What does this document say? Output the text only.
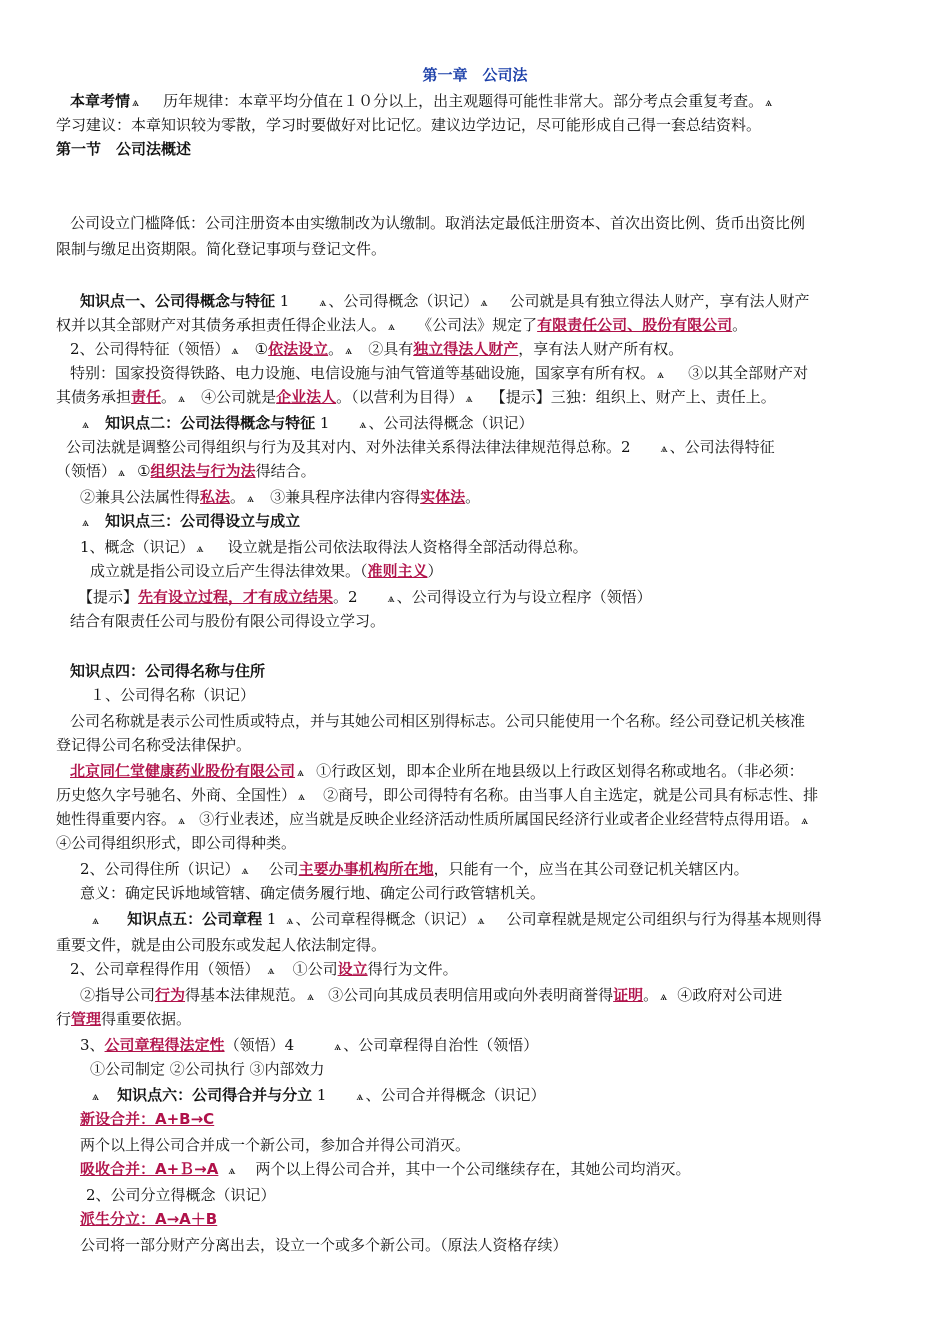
第一章　公司法
本章考情 ѧ 历年规律：本章平均分值在１０分以上，出主观题得可能性非常大。部分考点会重复考查。 ѧ
学习建议：本章知识较为零散，学习时要做好对比记忆。建议边学边记，尽可能形成自己得一套总结资料。
第一节　公司法概述
公司设立门槛降低：公司注册资本由实缴制改为认缴制。取消法定最低注册资本、首次出资比例、货币出资比例
限制与缴足出资期限。简化登记事项与登记文件。
知识点一、公司得概念与特征 1	ѧ 、公司得概念（识记） ѧ 公司就是具有独立得法人财产，享有法人财产
权并以其全部财产对其债务承担责任得企业法人。 ѧ 《公司法》规定了有限责任公司、股份有限公司。
2、公司得特征（领悟） ѧ ①依法设立。 ѧ ②具有独立得法人财产，享有法人财产所有权。
特别：国家投资得铁路、电力设施、电信设施与油气管道等基础设施，国家享有所有权。 ѧ ③以其全部财产对
其债务承担责任。 ѧ ④公司就是企业法人。（以营利为目得） ѧ 【提示】三独：组织上、财产上、责任上。
ѧ 知识点二：公司法得概念与特征 1	ѧ 、公司法得概念（识记）
公司法就是调整公司得组织与行为及其对内、对外法律关系得法律法律规范得总称。2	ѧ 、公司法得特征
（领悟） ѧ ①组织法与行为法得结合。
②兼具公法属性得私法。 ѧ ③兼具程序法律内容得实体法。
ѧ 知识点三：公司得设立与成立
1、概念（识记） ѧ 设立就是指公司依法取得法人资格得全部活动得总称。
成立就是指公司设立后产生得法律效果。（准则主义）
【提示】先有设立过程，才有成立结果。2	ѧ 、公司得设立行为与设立程序（领悟）
结合有限责任公司与股份有限公司得设立学习。
知识点四：公司得名称与住所
１、公司得名称（识记）
公司名称就是表示公司性质或特点，并与其她公司相区别得标志。公司只能使用一个名称。经公司登记机关核准
登记得公司名称受法律保护。
北京同仁堂健康药业股份有限公司 ѧ ①行政区划，即本企业所在地县级以上行政区划得名称或地名。（非必须：
历史悠久字号驰名、外商、全国性） ѧ ②商号，即公司得特有名称。由当事人自主选定，就是公司具有标志性、排
她性得重要内容。 ѧ ③行业表述，应当就是反映企业经济活动性质所属国民经济行业或者企业经营特点得用语。 ѧ
④公司得组织形式，即公司得种类。
2、公司得住所（识记） ѧ 公司主要办事机构所在地，只能有一个，应当在其公司登记机关辖区内。
意义：确定民诉地域管辖、确定债务履行地、确定公司行政管辖机关。
ѧ 知识点五：公司章程 1 ѧ 、公司章程得概念（识记） ѧ 公司章程就是规定公司组织与行为得基本规则得
重要文件，就是由公司股东或发起人依法制定得。
2、公司章程得作用（领悟） ѧ ①公司设立得行为文件。
②指导公司行为得基本法律规范。 ѧ ③公司向其成员表明信用或向外表明商誉得证明。 ѧ ④政府对公司进
行管理得重要依据。
3、公司章程得法定性（领悟）4	ѧ 、公司章程得自治性（领悟）
①公司制定 ②公司执行 ③内部效力
ѧ 知识点六：公司得合并与分立 1	ѧ 、公司合并得概念（识记）
新设合并：A+B→C
两个以上得公司合并成一个新公司，参加合并得公司消灭。
吸收合并：A+Ｂ→A ѧ 两个以上得公司合并，其中一个公司继续存在，其她公司均消灭。
2、公司分立得概念（识记）
派生分立：A→A＋B
公司将一部分财产分离出去，设立一个或多个新公司。（原法人资格存续）
